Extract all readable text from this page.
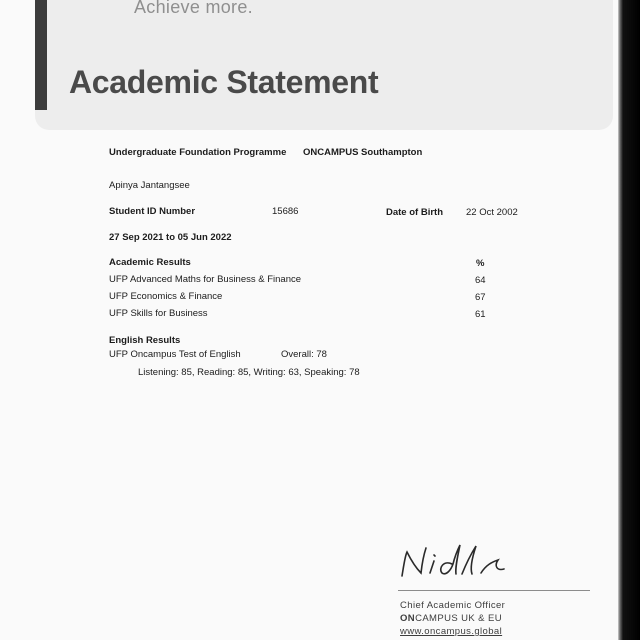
Achieve more.
Academic Statement
Undergraduate Foundation Programme ONCAMPUS Southampton
Apinya Jantangsee
Student ID Number	15686	Date of Birth 22 Oct 2002
27 Sep 2021 to 05 Jun 2022
Academic Results	%
UFP Advanced Maths for Business & Finance	64
UFP Economics & Finance	67
UFP Skills for Business	61
English Results
UFP Oncampus Test of English	Overall: 78
Listening: 85, Reading: 85, Writing: 63, Speaking: 78
Chief Academic Officer
ONCAMPUS UK & EU
www.oncampus.global
